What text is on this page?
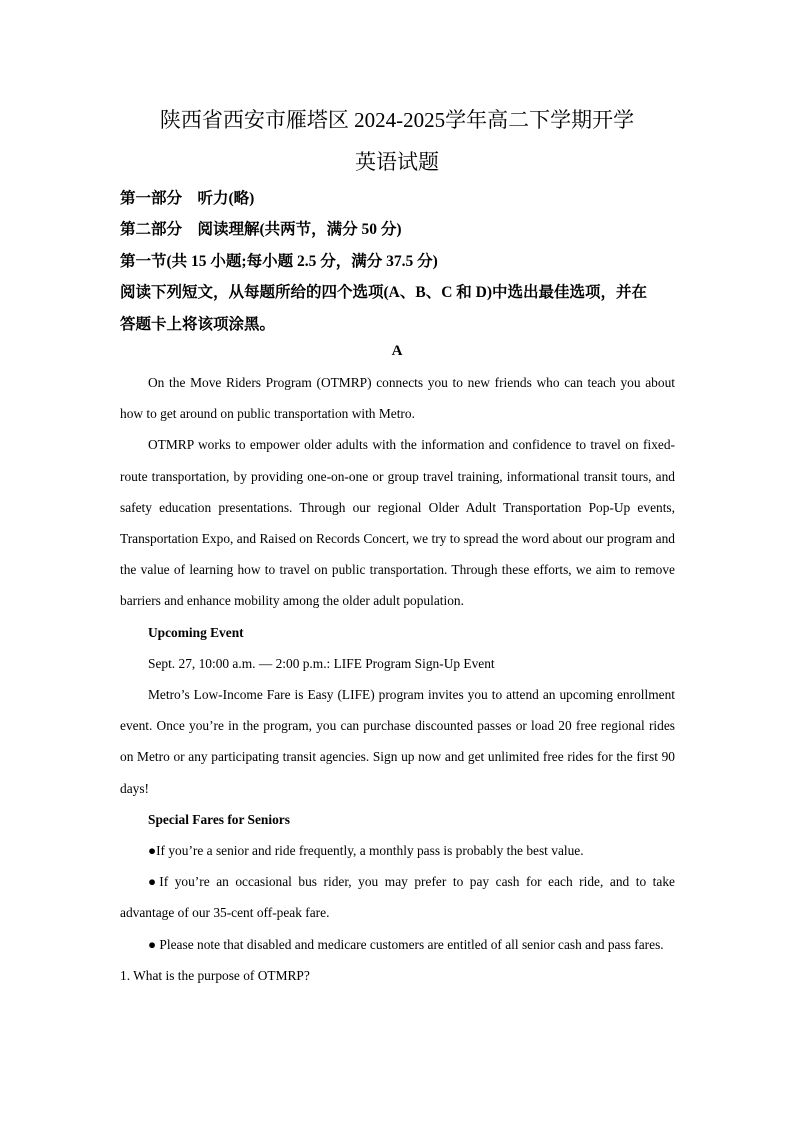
陕西省西安市雁塔区 2024-2025学年高二下学期开学
英语试题
第一部分　听力(略)
第二部分　阅读理解(共两节，满分 50 分)
第一节(共 15 小题;每小题 2.5 分，满分 37.5 分)
阅读下列短文，从每题所给的四个选项(A、B、C 和 D)中选出最佳选项，并在
答题卡上将该项涂黑。
A

On the Move Riders Program (OTMRP) connects you to new friends who can teach you about how to get around on public transportation with Metro.

OTMRP works to empower older adults with the information and confidence to travel on fixed-route transportation, by providing one-on-one or group travel training, informational transit tours, and safety education presentations. Through our regional Older Adult Transportation Pop-Up events, Transportation Expo, and Raised on Records Concert, we try to spread the word about our program and the value of learning how to travel on public transportation. Through these efforts, we aim to remove barriers and enhance mobility among the older adult population.

Upcoming Event

Sept. 27, 10:00 a.m. — 2:00 p.m.: LIFE Program Sign-Up Event

Metro’s Low-Income Fare is Easy (LIFE) program invites you to attend an upcoming enrollment event. Once you’re in the program, you can purchase discounted passes or load 20 free regional rides on Metro or any participating transit agencies. Sign up now and get unlimited free rides for the first 90 days!

Special Fares for Seniors

●If you’re a senior and ride frequently, a monthly pass is probably the best value.

●If you’re an occasional bus rider, you may prefer to pay cash for each ride, and to take advantage of our 35-cent off-peak fare.

● Please note that disabled and medicare customers are entitled of all senior cash and pass fares.

1. What is the purpose of OTMRP?
